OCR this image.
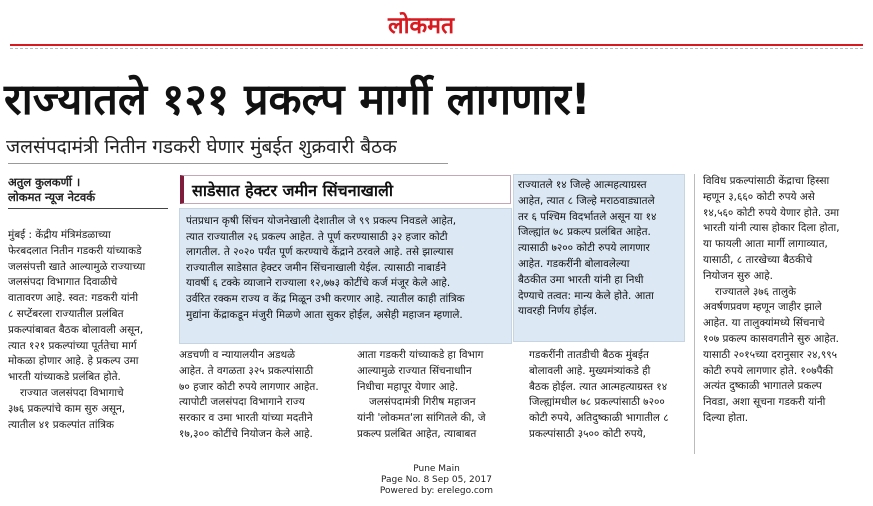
लोकमत
राज्यातले १२१ प्रकल्प मार्गी लागणार!
जलसंपदामंत्री नितीन गडकरी घेणार मुंबईत शुक्रवारी बैठक
अतुल कुलकर्णी ।
लोकमत न्यूज नेटवर्क
मुंबई : केंद्रीय मंत्रिमंडळाच्या
फेरबदलात नितीन गडकरी यांच्याकडे
जलसंपत्ती खाते आल्यामुळे राज्याच्या
जलसंपदा विभागात दिवाळीचे
वातावरण आहे. स्वत: गडकरी यांनी
८ सप्टेंबरला राज्यातील प्रलंबित
प्रकल्पांबाबत बैठक बोलावली असून,
त्यात १२१ प्रकल्पांच्या पूर्ततेचा मार्ग
मोकळा होणार आहे. हे प्रकल्प उमा
भारती यांच्याकडे प्रलंबित होते.
राज्यात जलसंपदा विभागाचे
३७६ प्रकल्पांचे काम सुरु असून,
त्यातील ४१ प्रकल्पांत तांत्रिक
साडेसात हेक्टर जमीन सिंचनाखाली
पंतप्रधान कृषी सिंचन योजनेखाली देशातील जे ९९ प्रकल्प निवडले आहेत,
त्यात राज्यातील २६ प्रकल्प आहेत. ते पूर्ण करण्यासाठी ३२ हजार कोटी
लागतील. ते २०२० पर्यंत पूर्ण करण्याचे केंद्राने ठरवले आहे. तसे झाल्यास
राज्यातील साडेसात हेक्टर जमीन सिंचनाखाली येईल. त्यासाठी नाबार्डने
यावर्षी ६ टक्के व्याजाने राज्याला १२,७७३ कोटींचे कर्ज मंजूर केले आहे.
उर्वरित रक्कम राज्य व केंद्र मिळून उभी करणार आहे. त्यातील काही तांत्रिक
मुद्यांना केंद्राकडून मंजुरी मिळणे आता सुकर होईल, असेही महाजन म्हणाले.
राज्यातले १४ जिल्हे आत्महत्याग्रस्त
आहेत, त्यात ८ जिल्हे मराठवाड्यातले
तर ६ पश्चिम विदर्भातले असून या १४
जिल्ह्यांत ७८ प्रकल्प प्रलंबित आहेत.
त्यासाठी ७२०० कोटी रुपये लागणार
आहेत. गडकरींनी बोलावलेल्या
बैठकीत उमा भारती यांनी हा निधी
देण्याचे तत्वत: मान्य केले होते. आता
यावरही निर्णय होईल.
अडचणी व न्यायालयीन अडथळे
आहेत. ते वगळता ३२५ प्रकल्पांसाठी
७० हजार कोटी रुपये लागणार आहेत.
त्यापोटी जलसंपदा विभागाने राज्य
सरकार व उमा भारती यांच्या मदतीने
१७,३०० कोटींचे नियोजन केले आहे.
आता गडकरी यांच्याकडे हा विभाग
आल्यामुळे राज्यात सिंचनाधाीन
निधीचा महापूर येणार आहे.
जलसंपदामंत्री गिरीष महाजन
यांनी 'लोकमत'ला सांगितले की, जे
प्रकल्प प्रलंबित आहेत, त्याबाबत
गडकरींनी तातडीची बैठक मुंबईत
बोलावली आहे. मुख्यमंत्र्यांकडे ही
बैठक होईल. त्यात आत्महत्याग्रस्त १४
जिल्ह्यांमधील ७८ प्रकल्पांसाठी ७२००
कोटी रुपये, अतिदुष्काळी भागातील ८
प्रकल्पांसाठी ३५०० कोटी रुपये,
विविध प्रकल्पांसाठी केंद्राचा हिस्सा
म्हणून ३,६६० कोटी रुपये असे
१४,५६० कोटी रुपये येणार होते. उमा
भारती यांनी त्यास होकार दिला होता,
या फायली आता मार्गी लागाव्यात,
यासाठी, ८ तारखेच्या बैठकीचे
नियोजन सुरु आहे.
राज्यातले ३७६ तालुके
अवर्षणप्रवण म्हणून जाहीर झाले
आहेत. या तालुक्यांमध्ये सिंचनाचे
१०७ प्रकल्प कासवगतीने सुरु आहेत.
यासाठी २०१५च्या दरानुसार २४,९९५
कोटी रुपये लागणार होते. १०७पैकी
अत्यंत दुष्काळी भागातले प्रकल्प
निवडा, अशा सूचना गडकरी यांनी
दिल्या होता.
Pune Main
Page No. 8 Sep 05, 2017
Powered by: erelego.com
